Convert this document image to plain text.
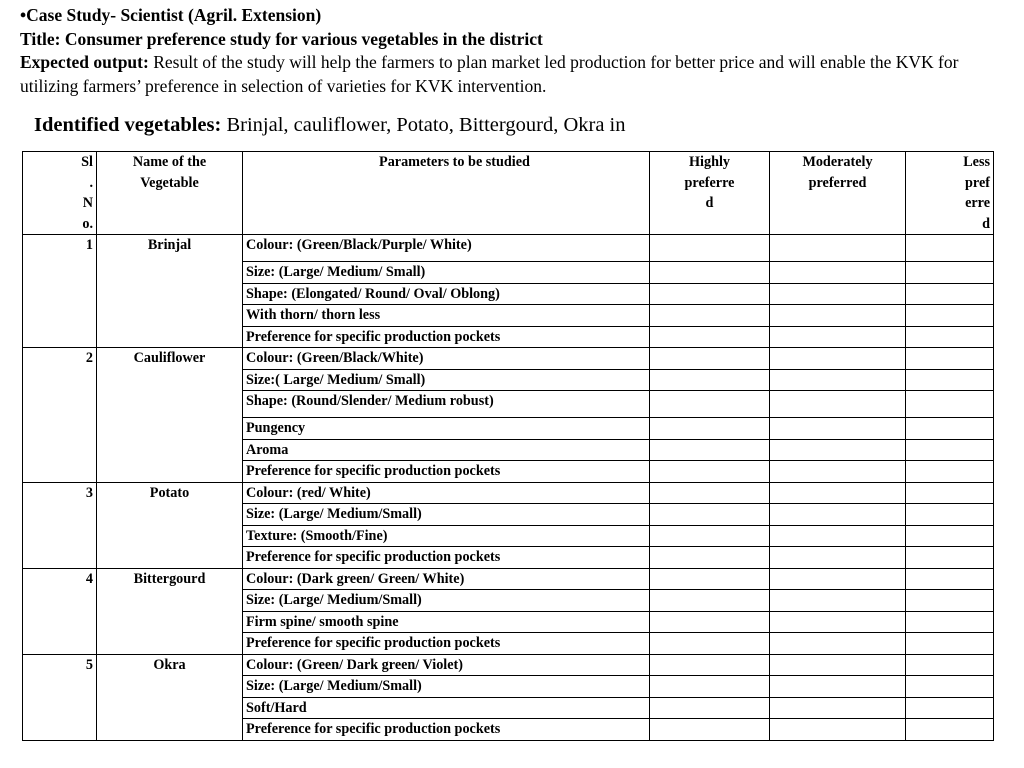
•Case Study- Scientist (Agril. Extension)

Title: Consumer preference study for various vegetables in the district

Expected output: Result of the study will help the farmers to plan market led production for better price and will enable the KVK for utilizing farmers’ preference in selection of varieties for KVK intervention.

Identified vegetables: Brinjal, cauliflower, Potato, Bittergourd, Okra in
Sl
.
N
o.	Name of the
Vegetable	Parameters to be studied	Highly
preferre
d	Moderately
preferred	Less
pref
erre
d
1	Brinjal	Colour: (Green/Black/Purple/ White)			
		Size: (Large/ Medium/ Small)			
		Shape: (Elongated/ Round/ Oval/ Oblong)			
		With thorn/ thorn less			
		Preference for specific production pockets			
2	Cauliflower	Colour: (Green/Black/White)			
		Size:( Large/ Medium/ Small)			
		Shape: (Round/Slender/ Medium robust)			
		Pungency			
		Aroma			
		Preference for specific production pockets			
3	Potato	Colour: (red/ White)			
		Size: (Large/ Medium/Small)			
		Texture: (Smooth/Fine)			
		Preference for specific production pockets			
4	Bittergourd	Colour: (Dark green/ Green/ White)			
		Size: (Large/ Medium/Small)			
		Firm spine/ smooth spine			
		Preference for specific production pockets			
5	Okra	Colour: (Green/ Dark green/ Violet)			
		Size: (Large/ Medium/Small)			
		Soft/Hard			
		Preference for specific production pockets			
